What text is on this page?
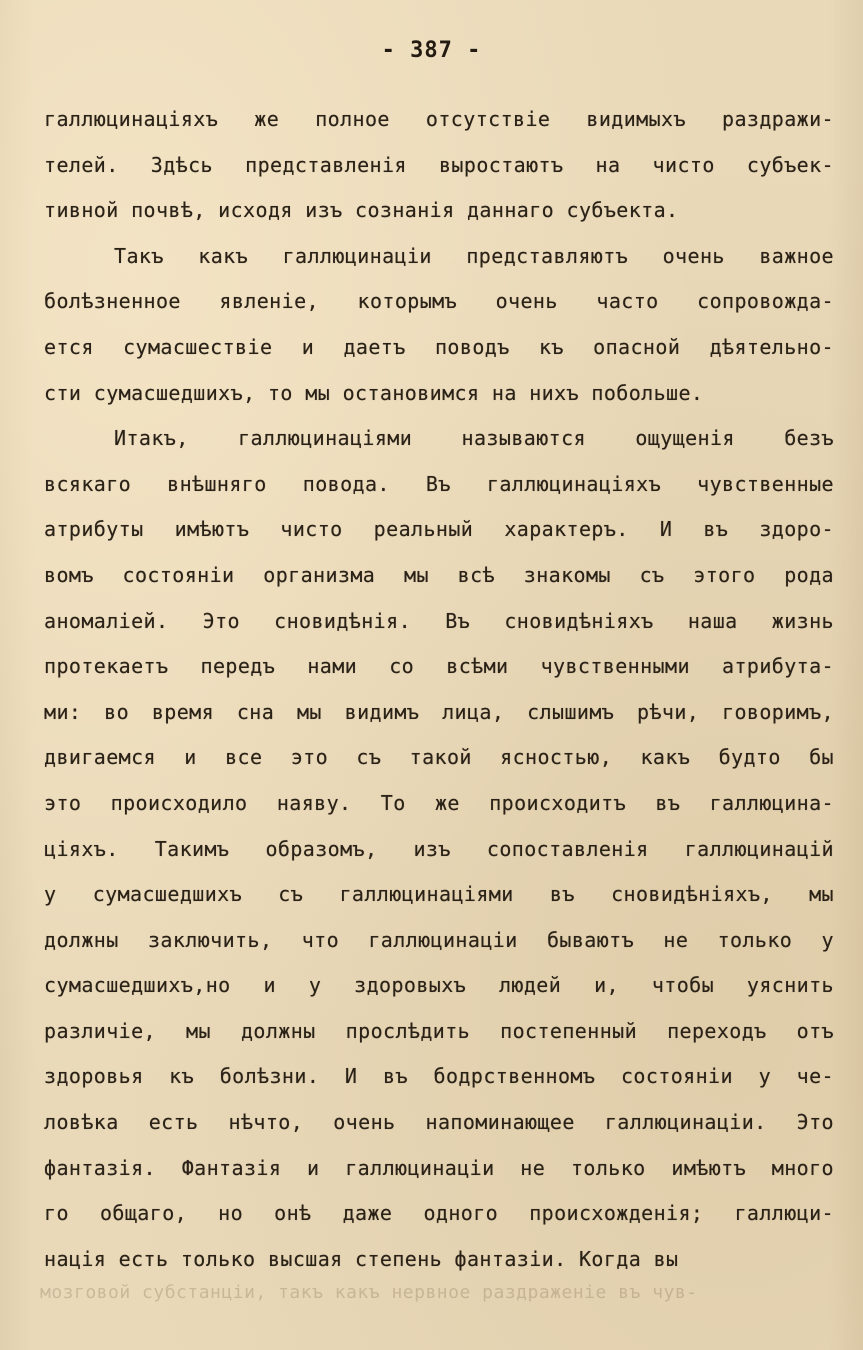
- 387 -
галлюцинаціяхъ же полное отсутствіе видимыхъ раздражи-
телей. Здѣсь представленія выростаютъ на чисто субъек-
тивной почвѣ, исходя изъ сознанія даннаго субъекта.
Такъ какъ галлюцинаціи представляютъ очень важное
болѣзненное явленіе, которымъ очень часто сопровожда-
ется сумасшествіе и даетъ поводъ къ опасной дѣятельно-
сти сумасшедшихъ, то мы остановимся на нихъ побольше.
Итакъ, галлюцинаціями называются ощущенія безъ
всякаго внѣшняго повода. Въ галлюцинаціяхъ чувственные
атрибуты имѣютъ чисто реальный характеръ. И въ здоро-
вомъ состояніи организма мы всѣ знакомы съ этого рода
аномаліей. Это сновидѣнія. Въ сновидѣніяхъ наша жизнь
протекаетъ передъ нами со всѣми чувственными атрибута-
ми: во время сна мы видимъ лица, слышимъ рѣчи, говоримъ,
двигаемся и все это съ такой ясностью, какъ будто бы
это происходило наяву. То же происходитъ въ галлюцина-
ціяхъ. Такимъ образомъ, изъ сопоставленія галлюцинацій
у сумасшедшихъ съ галлюцинаціями въ сновидѣніяхъ, мы
должны заключить, что галлюцинаціи бываютъ не только у
сумасшедшихъ,но и у здоровыхъ людей и, чтобы уяснить
различіе, мы должны прослѣдить постепенный переходъ отъ
здоровья къ болѣзни. И въ бодрственномъ состояніи у че-
ловѣка есть нѣчто, очень напоминающее галлюцинаціи. Это
фантазія. Фантазія и галлюцинаціи не только имѣютъ много
го общаго, но онѣ даже одного происхожденія; галлюци-
нація есть только высшая степень фантазіи. Когда вы
мозговой субстанціи, такъ какъ нервное раздраженіе въ чув-
